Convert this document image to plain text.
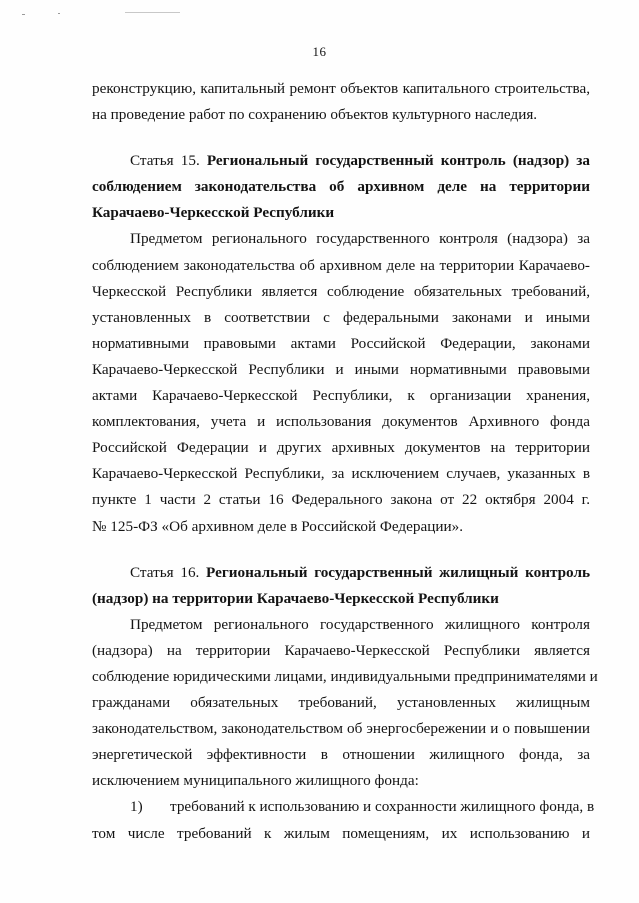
16
реконструкцию, капитальный ремонт объектов капитального строительства,
на проведение работ по сохранению объектов культурного наследия.
Статья 15. Региональный государственный контроль (надзор) за
соблюдением законодательства об архивном деле на территории
Карачаево-Черкесской Республики
Предметом регионального государственного контроля (надзора) за
соблюдением законодательства об архивном деле на территории Карачаево-
Черкесской Республики является соблюдение обязательных требований,
установленных в соответствии с федеральными законами и иными
нормативными правовыми актами Российской Федерации, законами
Карачаево-Черкесской Республики и иными нормативными правовыми
актами Карачаево-Черкесской Республики, к организации хранения,
комплектования, учета и использования документов Архивного фонда
Российской Федерации и других архивных документов на территории
Карачаево-Черкесской Республики, за исключением случаев, указанных в
пункте 1 части 2 статьи 16 Федерального закона от 22 октября 2004 г.
№ 125-ФЗ «Об архивном деле в Российской Федерации».
Статья 16. Региональный государственный жилищный контроль
(надзор) на территории Карачаево-Черкесской Республики
Предметом регионального государственного жилищного контроля
(надзора) на территории Карачаево-Черкесской Республики является
соблюдение юридическими лицами, индивидуальными предпринимателями и
гражданами обязательных требований, установленных жилищным
законодательством, законодательством об энергосбережении и о повышении
энергетической эффективности в отношении жилищного фонда, за
исключением муниципального жилищного фонда:
1)	требований к использованию и сохранности жилищного фонда, в
том числе требований к жилым помещениям, их использованию и
